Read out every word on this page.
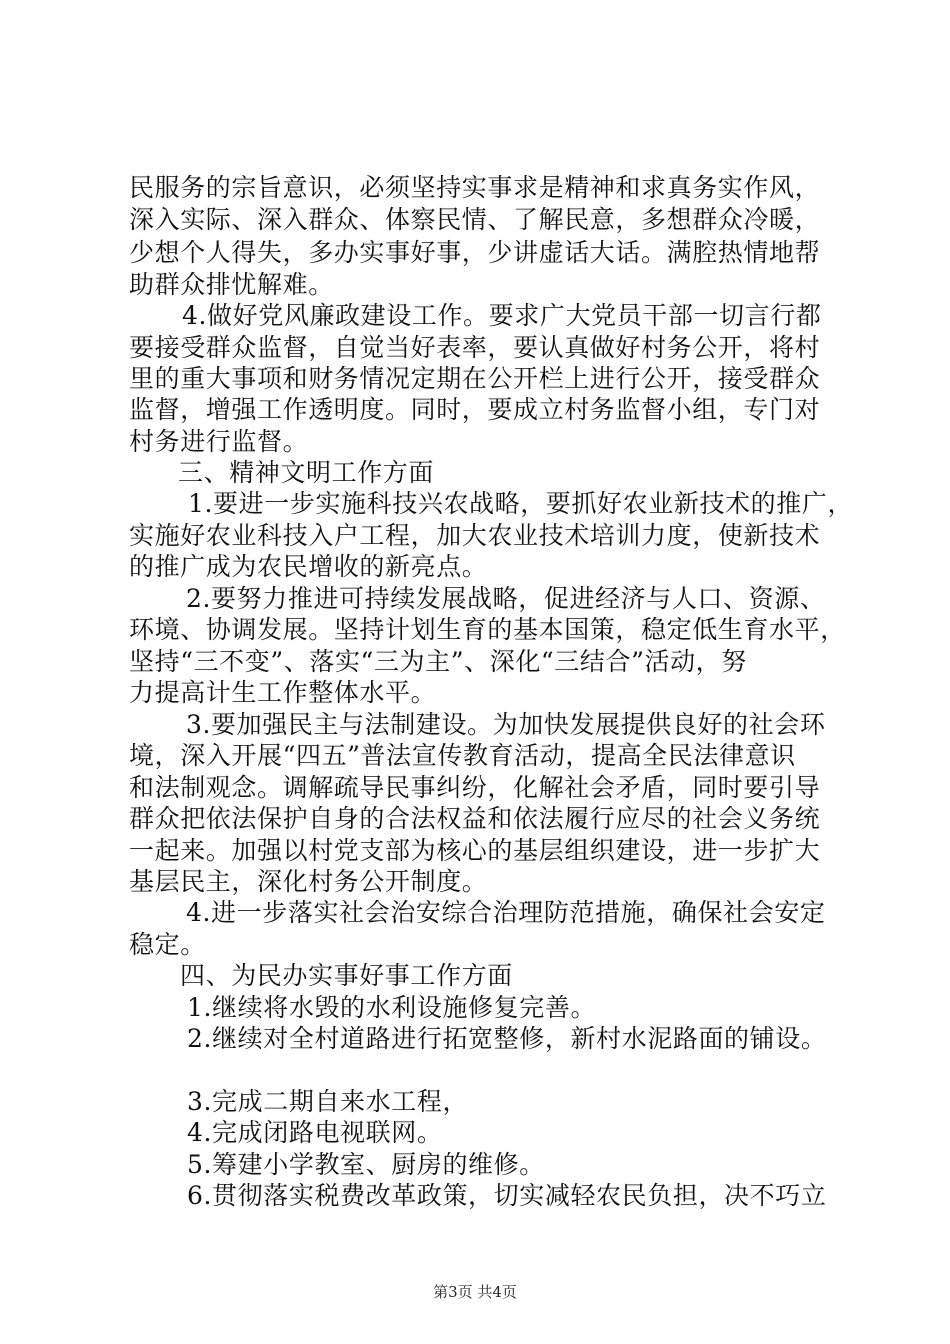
民服务的宗旨意识，必须坚持实事求是精神和求真务实作风，
深入实际、深入群众、体察民情、了解民意，多想群众冷暖，
少想个人得失，多办实事好事，少讲虚话大话。满腔热情地帮
助群众排忧解难。
4.做好党风廉政建设工作。要求广大党员干部一切言行都
要接受群众监督，自觉当好表率，要认真做好村务公开，将村
里的重大事项和财务情况定期在公开栏上进行公开，接受群众
监督，增强工作透明度。同时，要成立村务监督小组，专门对
村务进行监督。
三、精神文明工作方面
1.要进一步实施科技兴农战略，要抓好农业新技术的推广，
实施好农业科技入户工程，加大农业技术培训力度，使新技术
的推广成为农民增收的新亮点。
2.要努力推进可持续发展战略，促进经济与人口、资源、
环境、协调发展。坚持计划生育的基本国策，稳定低生育水平，
坚持“三不变”、落实“三为主”、深化“三结合”活动，努
力提高计生工作整体水平。
3.要加强民主与法制建设。为加快发展提供良好的社会环
境，深入开展“四五”普法宣传教育活动，提高全民法律意识
和法制观念。调解疏导民事纠纷，化解社会矛盾，同时要引导
群众把依法保护自身的合法权益和依法履行应尽的社会义务统
一起来。加强以村党支部为核心的基层组织建设，进一步扩大
基层民主，深化村务公开制度。
4.进一步落实社会治安综合治理防范措施，确保社会安定
稳定。
四、为民办实事好事工作方面
1.继续将水毁的水利设施修复完善。
2.继续对全村道路进行拓宽整修，新村水泥路面的铺设。
3.完成二期自来水工程，
4.完成闭路电视联网。
5.筹建小学教室、厨房的维修。
6.贯彻落实税费改革政策，切实减轻农民负担，决不巧立
第3页 共4页
